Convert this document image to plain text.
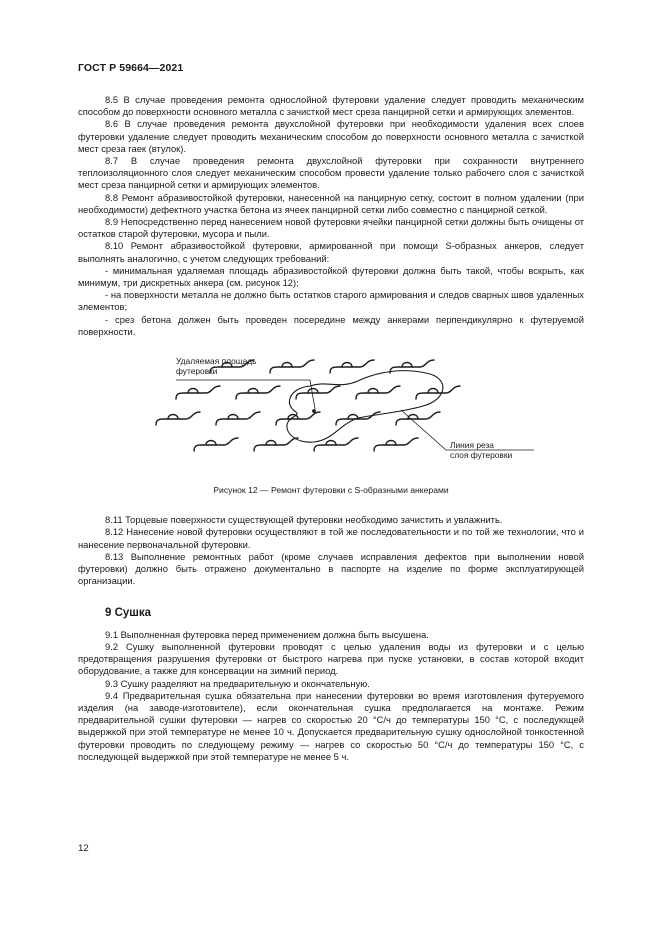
ГОСТ Р 59664—2021

8.5 В случае проведения ремонта однослойной футеровки удаление следует проводить механическим способом до поверхности основного металла с зачисткой мест среза панцирной сетки и армирующих элементов.

8.6 В случае проведения ремонта двухслойной футеровки при необходимости удаления всех слоев футеровки удаление следует проводить механическим способом до поверхности основного металла с зачисткой мест среза гаек (втулок).

8.7 В случае проведения ремонта двухслойной футеровки при сохранности внутреннего теплоизоляционного слоя следует механическим способом провести удаление только рабочего слоя с зачисткой мест среза панцирной сетки и армирующих элементов.

8.8 Ремонт абразивостойкой футеровки, нанесенной на панцирную сетку, состоит в полном удалении (при необходимости) дефектного участка бетона из ячеек панцирной сетки либо совместно с панцирной сеткой.

8.9 Непосредственно перед нанесением новой футеровки ячейки панцирной сетки должны быть очищены от остатков старой футеровки, мусора и пыли.

8.10 Ремонт абразивостойкой футеровки, армированной при помощи S-образных анкеров, следует выполнять аналогично, с учетом следующих требований:

- минимальная удаляемая площадь абразивостойкой футеровки должна быть такой, чтобы вскрыть, как минимум, три дискретных анкера (см. рисунок 12);

- на поверхности металла не должно быть остатков старого армирования и следов сварных швов удаленных элементов;

- срез бетона должен быть проведен посередине между анкерами перпендикулярно к футеруемой поверхности.

Удаляемая площадь
футеровки
Линия реза
слоя футеровки
Рисунок 12 — Ремонт футеровки с S-образными анкерами

8.11 Торцевые поверхности существующей футеровки необходимо зачистить и увлажнить.

8.12 Нанесение новой футеровки осуществляют в той же последовательности и по той же технологии, что и нанесение первоначальной футеровки.

8.13 Выполнение ремонтных работ (кроме случаев исправления дефектов при выполнении новой футеровки) должно быть отражено документально в паспорте на изделие по форме эксплуатирующей организации.

9 Сушка

9.1 Выполненная футеровка перед применением должна быть высушена.

9.2 Сушку выполненной футеровки проводят с целью удаления воды из футеровки и с целью предотвращения разрушения футеровки от быстрого нагрева при пуске установки, в состав которой входит оборудование, а также для консервации на зимний период.

9.3 Сушку разделяют на предварительную и окончательную.

9.4 Предварительная сушка обязательна при нанесении футеровки во время изготовления футеруемого изделия (на заводе-изготовителе), если окончательная сушка предполагается на монтаже. Режим предварительной сушки футеровки — нагрев со скоростью 20 °C/ч до температуры 150 °C, с последующей выдержкой при этой температуре не менее 10 ч. Допускается предварительную сушку однослойной тонкостенной футеровки проводить по следующему режиму — нагрев со скоростью 50 °C/ч до температуры 150 °C, с последующей выдержкой при этой температуре не менее 5 ч.

12
